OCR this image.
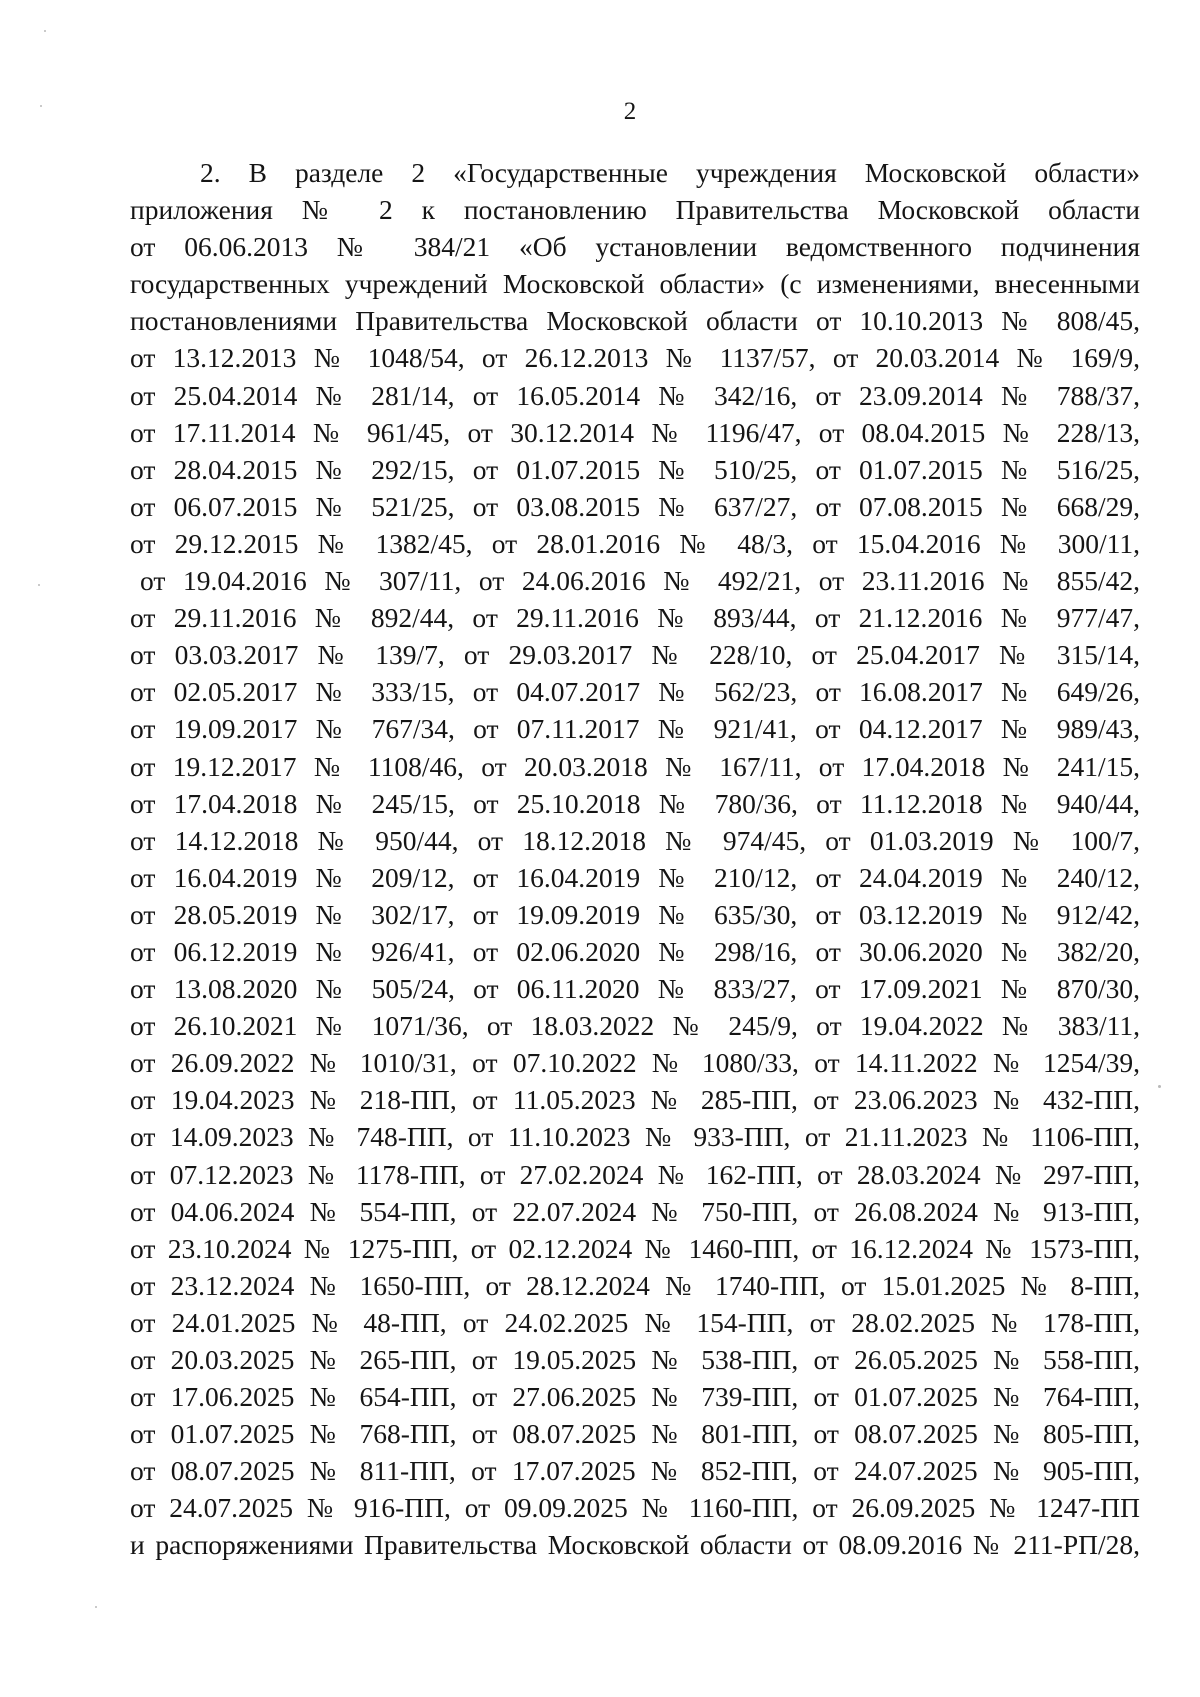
2
2. В разделе 2 «Государственные учреждения Московской области»
приложения № 2 к постановлению Правительства Московской области
от 06.06.2013 № 384/21 «Об установлении ведомственного подчинения
государственных учреждений Московской области» (с изменениями, внесенными
постановлениями Правительства Московской области от 10.10.2013 № 808/45,
от 13.12.2013 № 1048/54, от 26.12.2013 № 1137/57, от 20.03.2014 № 169/9,
от 25.04.2014 № 281/14, от 16.05.2014 № 342/16, от 23.09.2014 № 788/37,
от 17.11.2014 № 961/45, от 30.12.2014 № 1196/47, от 08.04.2015 № 228/13,
от 28.04.2015 № 292/15, от 01.07.2015 № 510/25, от 01.07.2015 № 516/25,
от 06.07.2015 № 521/25, от 03.08.2015 № 637/27, от 07.08.2015 № 668/29,
от 29.12.2015 № 1382/45, от 28.01.2016 № 48/3, от 15.04.2016 № 300/11,
от 19.04.2016 № 307/11, от 24.06.2016 № 492/21, от 23.11.2016 № 855/42,
от 29.11.2016 № 892/44, от 29.11.2016 № 893/44, от 21.12.2016 № 977/47,
от 03.03.2017 № 139/7, от 29.03.2017 № 228/10, от 25.04.2017 № 315/14,
от 02.05.2017 № 333/15, от 04.07.2017 № 562/23, от 16.08.2017 № 649/26,
от 19.09.2017 № 767/34, от 07.11.2017 № 921/41, от 04.12.2017 № 989/43,
от 19.12.2017 № 1108/46, от 20.03.2018 № 167/11, от 17.04.2018 № 241/15,
от 17.04.2018 № 245/15, от 25.10.2018 № 780/36, от 11.12.2018 № 940/44,
от 14.12.2018 № 950/44, от 18.12.2018 № 974/45, от 01.03.2019 № 100/7,
от 16.04.2019 № 209/12, от 16.04.2019 № 210/12, от 24.04.2019 № 240/12,
от 28.05.2019 № 302/17, от 19.09.2019 № 635/30, от 03.12.2019 № 912/42,
от 06.12.2019 № 926/41, от 02.06.2020 № 298/16, от 30.06.2020 № 382/20,
от 13.08.2020 № 505/24, от 06.11.2020 № 833/27, от 17.09.2021 № 870/30,
от 26.10.2021 № 1071/36, от 18.03.2022 № 245/9, от 19.04.2022 № 383/11,
от 26.09.2022 № 1010/31, от 07.10.2022 № 1080/33, от 14.11.2022 № 1254/39,
от 19.04.2023 № 218-ПП, от 11.05.2023 № 285-ПП, от 23.06.2023 № 432-ПП,
от 14.09.2023 № 748-ПП, от 11.10.2023 № 933-ПП, от 21.11.2023 № 1106-ПП,
от 07.12.2023 № 1178-ПП, от 27.02.2024 № 162-ПП, от 28.03.2024 № 297-ПП,
от 04.06.2024 № 554-ПП, от 22.07.2024 № 750-ПП, от 26.08.2024 № 913-ПП,
от 23.10.2024 № 1275-ПП, от 02.12.2024 № 1460-ПП, от 16.12.2024 № 1573-ПП,
от 23.12.2024 № 1650-ПП, от 28.12.2024 № 1740-ПП, от 15.01.2025 № 8-ПП,
от 24.01.2025 № 48-ПП, от 24.02.2025 № 154-ПП, от 28.02.2025 № 178-ПП,
от 20.03.2025 № 265-ПП, от 19.05.2025 № 538-ПП, от 26.05.2025 № 558-ПП,
от 17.06.2025 № 654-ПП, от 27.06.2025 № 739-ПП, от 01.07.2025 № 764-ПП,
от 01.07.2025 № 768-ПП, от 08.07.2025 № 801-ПП, от 08.07.2025 № 805-ПП,
от 08.07.2025 № 811-ПП, от 17.07.2025 № 852-ПП, от 24.07.2025 № 905-ПП,
от 24.07.2025 № 916-ПП, от 09.09.2025 № 1160-ПП, от 26.09.2025 № 1247-ПП
и распоряжениями Правительства Московской области от 08.09.2016 № 211-РП/28,
